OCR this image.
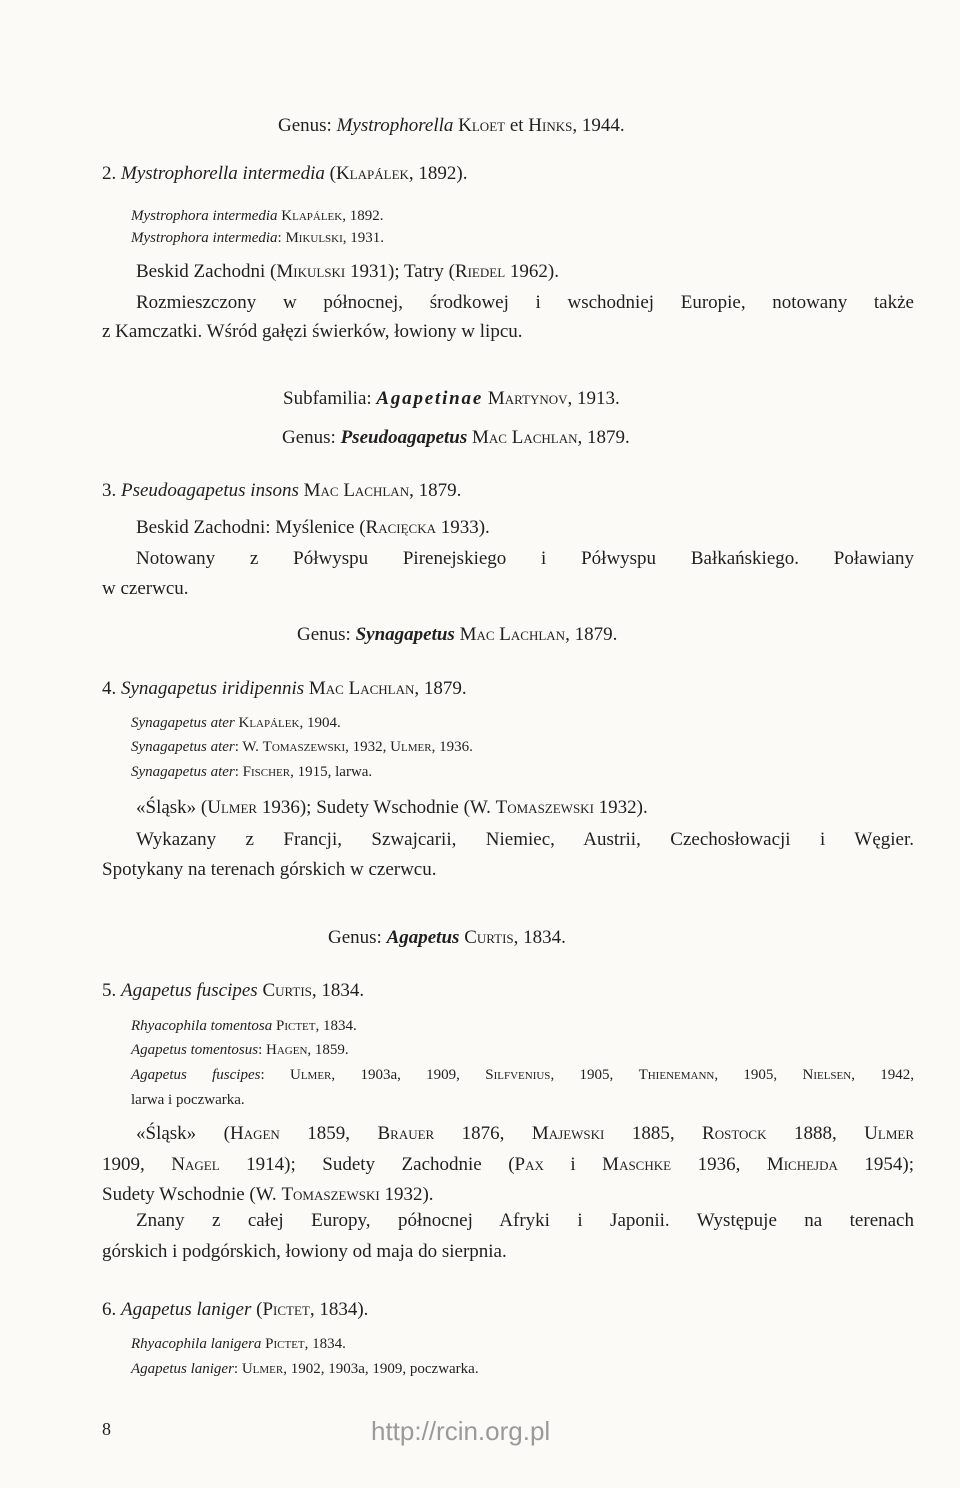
Genus: Mystrophorella Kloet et Hinks, 1944.
2. Mystrophorella intermedia (Klapálek, 1892).
Mystrophora intermedia Klapálek, 1892.
Mystrophora intermedia: Mikulski, 1931.
Beskid Zachodni (Mikulski 1931); Tatry (Riedel 1962).
Rozmieszczony w północnej, środkowej i wschodniej Europie, notowany także
z Kamczatki. Wśród gałęzi świerków, łowiony w lipcu.
Subfamilia: Agapetinae Martynov, 1913.
Genus: Pseudoagapetus Mac Lachlan, 1879.
3. Pseudoagapetus insons Mac Lachlan, 1879.
Beskid Zachodni: Myślenice (Racięcka 1933).
Notowany z Półwyspu Pirenejskiego i Półwyspu Bałkańskiego. Poławiany
w czerwcu.
Genus: Synagapetus Mac Lachlan, 1879.
4. Synagapetus iridipennis Mac Lachlan, 1879.
Synagapetus ater Klapálek, 1904.
Synagapetus ater: W. Tomaszewski, 1932, Ulmer, 1936.
Synagapetus ater: Fischer, 1915, larwa.
«Śląsk» (Ulmer 1936); Sudety Wschodnie (W. Tomaszewski 1932).
Wykazany z Francji, Szwajcarii, Niemiec, Austrii, Czechosłowacji i Węgier.
Spotykany na terenach górskich w czerwcu.
Genus: Agapetus Curtis, 1834.
5. Agapetus fuscipes Curtis, 1834.
Rhyacophila tomentosa Pictet, 1834.
Agapetus tomentosus: Hagen, 1859.
Agapetus fuscipes: Ulmer, 1903a, 1909, Silfvenius, 1905, Thienemann, 1905, Nielsen, 1942,
larwa i poczwarka.
«Śląsk» (Hagen 1859, Brauer 1876, Majewski 1885, Rostock 1888, Ulmer
1909, Nagel 1914); Sudety Zachodnie (Pax i Maschke 1936, Michejda 1954);
Sudety Wschodnie (W. Tomaszewski 1932).
Znany z całej Europy, północnej Afryki i Japonii. Występuje na terenach
górskich i podgórskich, łowiony od maja do sierpnia.
6. Agapetus laniger (Pictet, 1834).
Rhyacophila lanigera Pictet, 1834.
Agapetus laniger: Ulmer, 1902, 1903a, 1909, poczwarka.
8	http://rcin.org.pl
